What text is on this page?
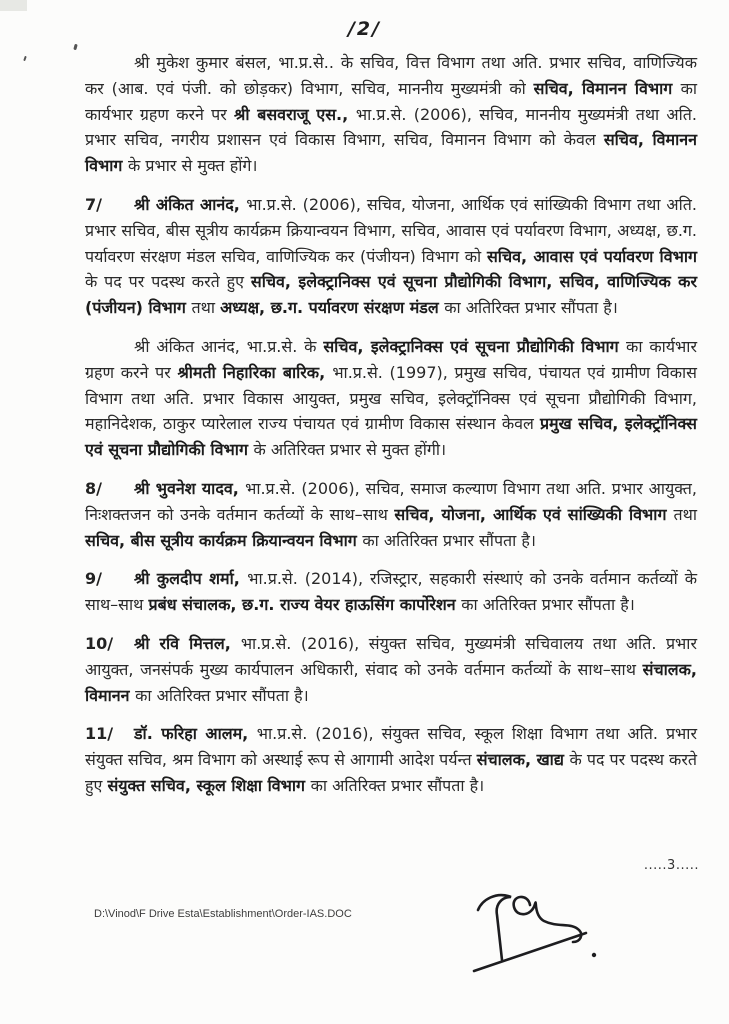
/2/

श्री मुकेश कुमार बंसल, भा.प्र.से.. के सचिव, वित्त विभाग तथा अति. प्रभार सचिव, वाणिज्यिक कर (आब. एवं पंजी. को छोड़कर) विभाग, सचिव, माननीय मुख्यमंत्री को सचिव, विमानन विभाग का कार्यभार ग्रहण करने पर श्री बसवराजू एस., भा.प्र.से. (2006), सचिव, माननीय मुख्यमंत्री तथा अति. प्रभार सचिव, नगरीय प्रशासन एवं विकास विभाग, सचिव, विमानन विभाग को केवल सचिव, विमानन विभाग के प्रभार से मुक्त होंगे।

7/ श्री अंकित आनंद, भा.प्र.से. (2006), सचिव, योजना, आर्थिक एवं सांख्यिकी विभाग तथा अति. प्रभार सचिव, बीस सूत्रीय कार्यक्रम क्रियान्वयन विभाग, सचिव, आवास एवं पर्यावरण विभाग, अध्यक्ष, छ.ग. पर्यावरण संरक्षण मंडल सचिव, वाणिज्यिक कर (पंजीयन) विभाग को सचिव, आवास एवं पर्यावरण विभाग के पद पर पदस्थ करते हुए सचिव, इलेक्ट्रानिक्स एवं सूचना प्रौद्योगिकी विभाग, सचिव, वाणिज्यिक कर (पंजीयन) विभाग तथा अध्यक्ष, छ.ग. पर्यावरण संरक्षण मंडल का अतिरिक्त प्रभार सौंपता है।

श्री अंकित आनंद, भा.प्र.से. के सचिव, इलेक्ट्रानिक्स एवं सूचना प्रौद्योगिकी विभाग का कार्यभार ग्रहण करने पर श्रीमती निहारिका बारिक, भा.प्र.से. (1997), प्रमुख सचिव, पंचायत एवं ग्रामीण विकास विभाग तथा अति. प्रभार विकास आयुक्त, प्रमुख सचिव, इलेक्ट्रॉनिक्स एवं सूचना प्रौद्योगिकी विभाग, महानिदेशक, ठाकुर प्यारेलाल राज्य पंचायत एवं ग्रामीण विकास संस्थान केवल प्रमुख सचिव, इलेक्ट्रॉनिक्स एवं सूचना प्रौद्योगिकी विभाग के अतिरिक्त प्रभार से मुक्त होंगी।

8/ श्री भुवनेश यादव, भा.प्र.से. (2006), सचिव, समाज कल्याण विभाग तथा अति. प्रभार आयुक्त, निःशक्तजन को उनके वर्तमान कर्तव्यों के साथ–साथ सचिव, योजना, आर्थिक एवं सांख्यिकी विभाग तथा सचिव, बीस सूत्रीय कार्यक्रम क्रियान्वयन विभाग का अतिरिक्त प्रभार सौंपता है।

9/ श्री कुलदीप शर्मा, भा.प्र.से. (2014), रजिस्ट्रार, सहकारी संस्थाएं को उनके वर्तमान कर्तव्यों के साथ–साथ प्रबंध संचालक, छ.ग. राज्य वेयर हाऊसिंग कार्पोरेशन का अतिरिक्त प्रभार सौंपता है।

10/ श्री रवि मित्तल, भा.प्र.से. (2016), संयुक्त सचिव, मुख्यमंत्री सचिवालय तथा अति. प्रभार आयुक्त, जनसंपर्क मुख्य कार्यपालन अधिकारी, संवाद को उनके वर्तमान कर्तव्यों के साथ–साथ संचालक, विमानन का अतिरिक्त प्रभार सौंपता है।

11/ डॉ. फरिहा आलम, भा.प्र.से. (2016), संयुक्त सचिव, स्कूल शिक्षा विभाग तथा अति. प्रभार संयुक्त सचिव, श्रम विभाग को अस्थाई रूप से आगामी आदेश पर्यन्त संचालक, खाद्य के पद पर पदस्थ करते हुए संयुक्त सचिव, स्कूल शिक्षा विभाग का अतिरिक्त प्रभार सौंपता है।

.....3.....
D:\Vinod\F Drive Esta\Establishment\Order-IAS.DOC
